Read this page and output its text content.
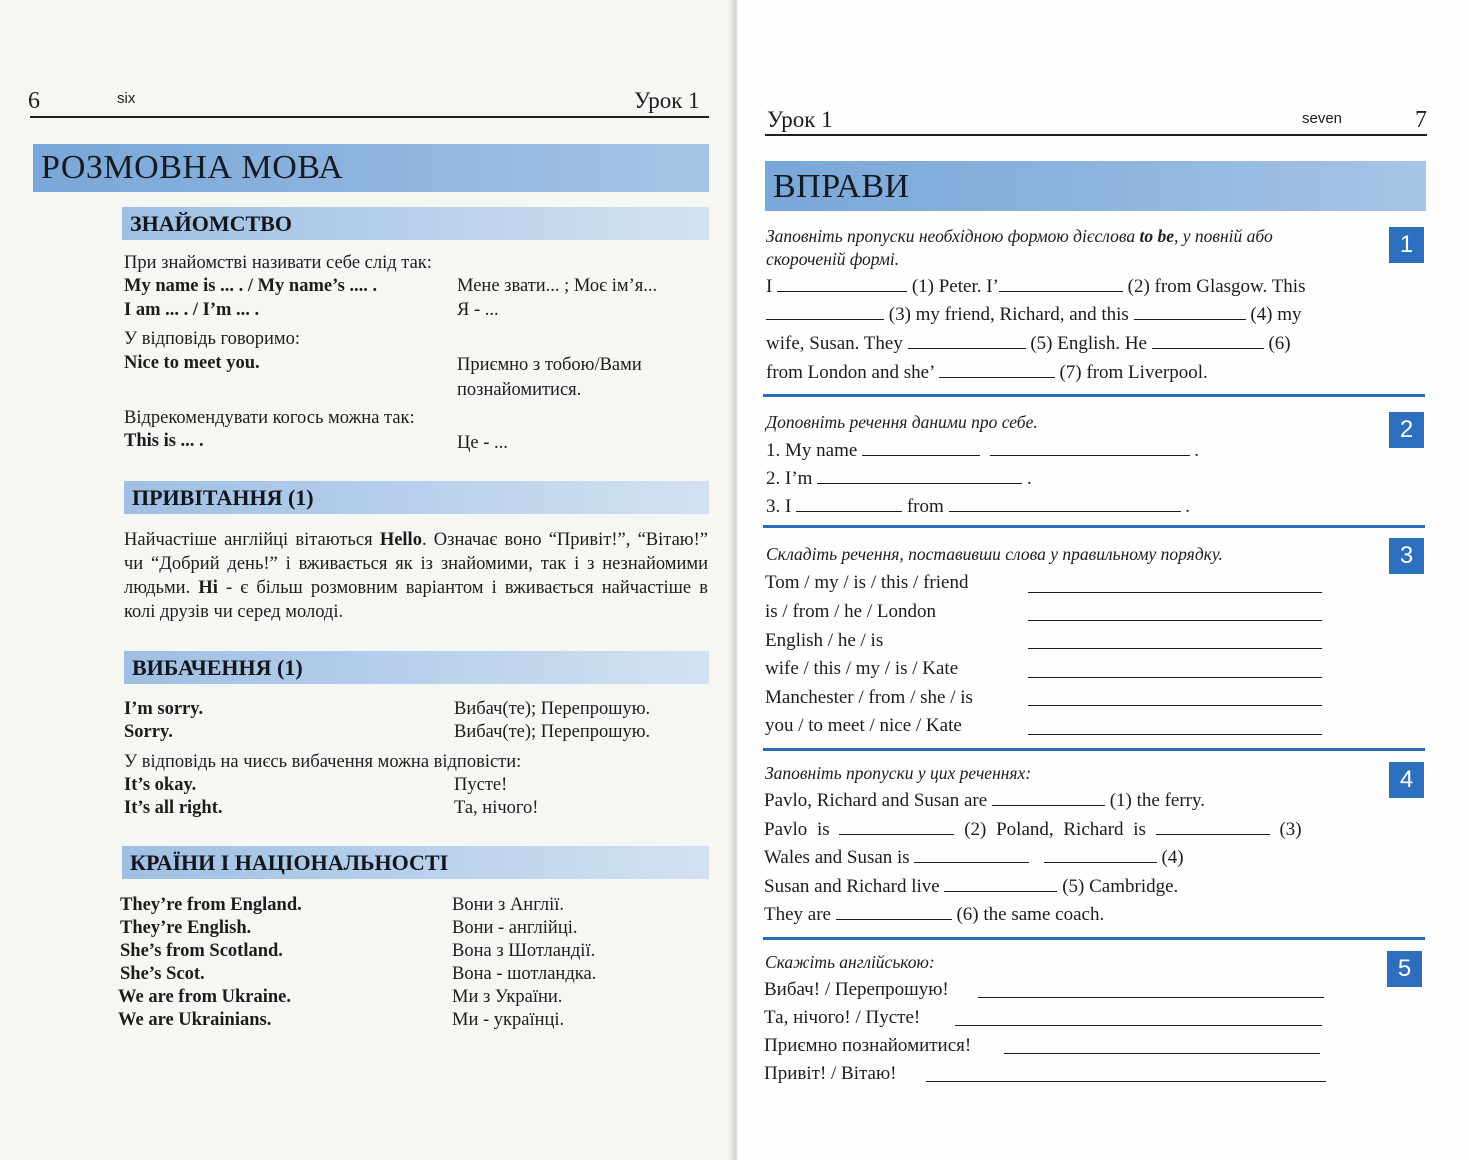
6	six	Урок 1
РОЗМОВНА МОВА
ЗНАЙОМСТВО
При знайомстві називати себе слід так:
My name is ... . / My name’s .... .	Мене звати... ; Моє ім’я...
I am ... . / I’m ... .	Я - ...
У відповідь говоримо:
Nice to meet you.	Приємно з тобою/Вами
познайомитися.
Відрекомендувати когось можна так:
This is ... .	Це - ...
ПРИВІТАННЯ (1)
Найчастіше англійці вітаються Hello. Означає воно “Привіт!”, “Вітаю!” чи “Добрий день!” і вживається як із знайомими, так і з незнайомими людьми. Hi - є більш розмовним варіантом і вживається найчастіше в колі друзів чи серед молоді.
ВИБАЧЕННЯ (1)
I’m sorry.	Вибач(те); Перепрошую.
Sorry.	Вибач(те); Перепрошую.
У відповідь на чиєсь вибачення можна відповісти:
It’s okay.	Пусте!
It’s all right.	Та, нічого!
КРАЇНИ І НАЦІОНАЛЬНОСТІ
They’re from England.	Вони з Англії.
They’re English.	Вони - англійці.
She’s from Scotland.	Вона з Шотландії.
She’s Scot.	Вона - шотландка.
We are from Ukraine.	Ми з України.
We are Ukrainians.	Ми - українці.
Урок 1	seven	7
ВПРАВИ
1
Заповніть пропуски необхідною формою дієслова to be, у повній або
скороченій формі.
I	(1) Peter. I’	(2) from Glasgow. This
(3) my friend, Richard, and this	(4) my
wife, Susan. They	(5) English. He	(6)
from London and she’	(7) from Liverpool.
2
Доповніть речення даними про себе.
1. My name	.
2. I’m	.
3. I	from	.
3
Складіть речення, поставивши слова у правильному порядку.
Tom / my / is / this / friend
is / from / he / London
English / he / is
wife / this / my / is / Kate
Manchester / from / she / is
you / to meet / nice / Kate
4
Заповніть пропуски у цих реченнях:
Pavlo, Richard and Susan are	(1) the ferry.
Pavlo is	(2) Poland, Richard is	(3)
Wales and Susan is	(4)
Susan and Richard live	(5) Cambridge.
They are	(6) the same coach.
5
Скажіть англійською:
Вибач! / Перепрошую!
Та, нічого! / Пусте!
Приємно познайомитися!
Привіт! / Вітаю!
